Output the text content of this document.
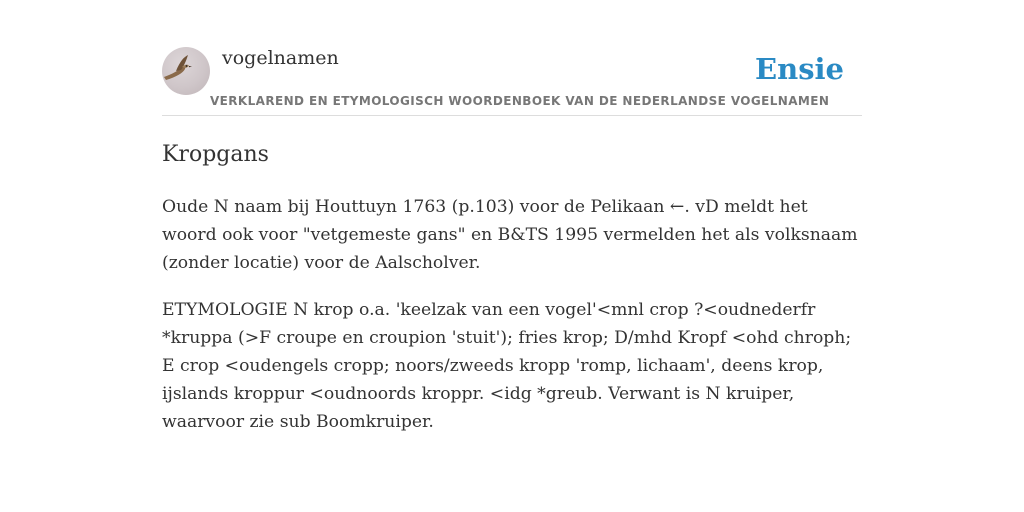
vogelnamen	Ensie
VERKLAREND EN ETYMOLOGISCH WOORDENBOEK VAN DE NEDERLANDSE VOGELNAMEN
Kropgans

Oude N naam bij Houttuyn 1763 (p.103) voor de Pelikaan ←. vD meldt het woord ook voor "vetgemeste gans" en B&TS 1995 vermelden het als volksnaam (zonder locatie) voor de Aalscholver.

ETYMOLOGIE N krop o.a. 'keelzak van een vogel'<mnl crop ?<oudnederfr *kruppa (>F croupe en croupion 'stuit'); fries krop; D/mhd Kropf <ohd chroph; E crop <oudengels cropp; noors/zweeds kropp 'romp, lichaam', deens krop, ijslands kroppur <oudnoords kroppr. <idg *greub. Verwant is N kruiper, waarvoor zie sub Boomkruiper.
